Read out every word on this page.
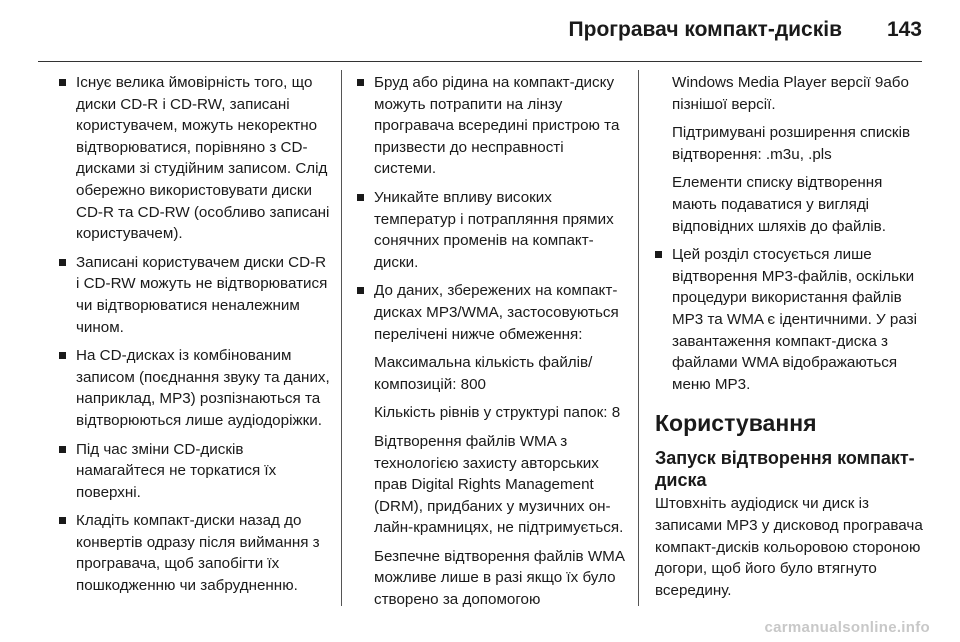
Програвач компакт-дисків 143
Існує велика ймовірність того, що диски CD-R і CD-RW, записані користувачем, можуть некоректно відтворюватися, порівняно з CD-дисками зі студійним записом. Слід обережно використовувати диски CD-R та CD-RW (особливо записані користувачем).
Записані користувачем диски CD-R і CD-RW можуть не відтворюватися чи відтворюватися неналежним чином.
На CD-дисках із комбінованим записом (поєднання звуку та даних, наприклад, MP3) розпізнаються та відтворюються лише аудіодоріжки.
Під час зміни CD-дисків намагайтеся не торкатися їх поверхні.
Кладіть компакт-диски назад до конвертів одразу після виймання з програвача, щоб запобігти їх пошкодженню чи забрудненню.
Бруд або рідина на компакт-диску можуть потрапити на лінзу програвача всередині пристрою та призвести до несправності системи.
Уникайте впливу високих температур і потрапляння прямих сонячних променів на компакт-диски.
До даних, збережених на компакт-дисках MP3/WMA, застосовуються перелічені нижче обмеження:

Максимальна кількість файлів/композицій: 800

Кількість рівнів у структурі папок: 8

Відтворення файлів WMA з технологією захисту авторських прав Digital Rights Management (DRM), придбаних у музичних он-лайн-крамницях, не підтримується.

Безпечне відтворення файлів WMA можливе лише в разі якщо їх було створено за допомогою

Windows Media Player версії 9або пізнішої версії.

Підтримувані розширення списків відтворення: .m3u, .pls

Елементи списку відтворення мають подаватися у вигляді відповідних шляхів до файлів.

Цей розділ стосується лише відтворення MP3-файлів, оскільки процедури використання файлів MP3 та WMA є ідентичними. У разі завантаження компакт-диска з файлами WMA відображаються меню MP3.
Користування
Запуск відтворення компакт-диска

Штовхніть аудіодиск чи диск із записами MP3 у дисковод програвача компакт-дисків кольоровою стороною догори, щоб його було втягнуто всередину.

carmanualsonline.info
